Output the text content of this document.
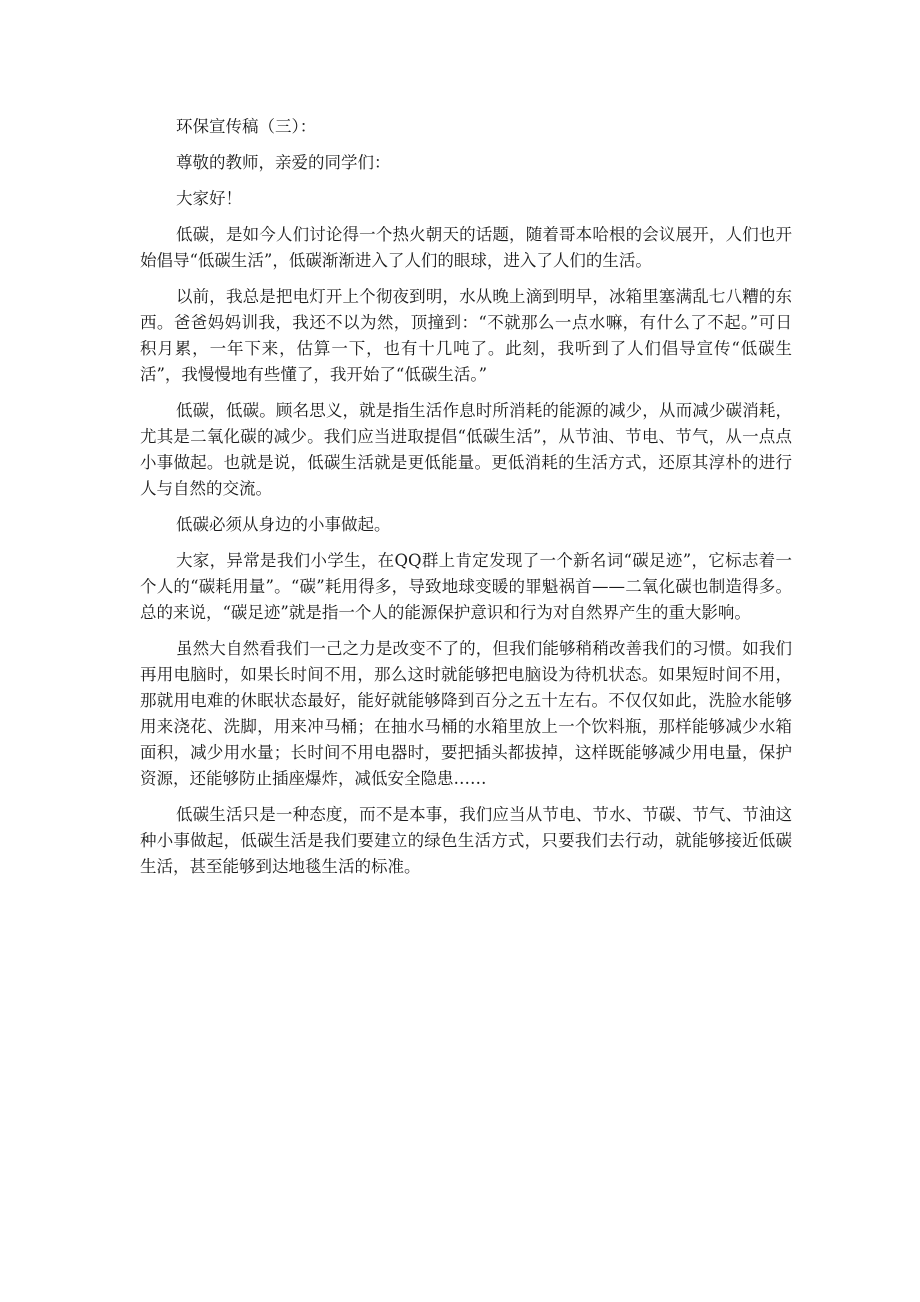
环保宣传稿（三）：

尊敬的教师，亲爱的同学们：

大家好！

低碳，是如今人们讨论得一个热火朝天的话题，随着哥本哈根的会议展开，人们也开始倡导“低碳生活”，低碳渐渐进入了人们的眼球，进入了人们的生活。

以前，我总是把电灯开上个彻夜到明，水从晚上滴到明早，冰箱里塞满乱七八糟的东西。爸爸妈妈训我，我还不以为然，顶撞到：“不就那么一点水嘛，有什么了不起。”可日积月累，一年下来，估算一下，也有十几吨了。此刻，我听到了人们倡导宣传“低碳生活”，我慢慢地有些懂了，我开始了“低碳生活。”

低碳，低碳。顾名思义，就是指生活作息时所消耗的能源的减少，从而减少碳消耗，尤其是二氧化碳的减少。我们应当进取提倡“低碳生活”，从节油、节电、节气，从一点点小事做起。也就是说，低碳生活就是更低能量。更低消耗的生活方式，还原其淳朴的进行人与自然的交流。

低碳必须从身边的小事做起。

大家，异常是我们小学生，在QQ群上肯定发现了一个新名词“碳足迹”，它标志着一个人的“碳耗用量”。“碳”耗用得多，导致地球变暖的罪魁祸首——二氧化碳也制造得多。总的来说，“碳足迹”就是指一个人的能源保护意识和行为对自然界产生的重大影响。

虽然大自然看我们一己之力是改变不了的，但我们能够稍稍改善我们的习惯。如我们再用电脑时，如果长时间不用，那么这时就能够把电脑设为待机状态。如果短时间不用，那就用电难的休眠状态最好，能好就能够降到百分之五十左右。不仅仅如此，洗脸水能够用来浇花、洗脚，用来冲马桶；在抽水马桶的水箱里放上一个饮料瓶，那样能够减少水箱面积，减少用水量；长时间不用电器时，要把插头都拔掉，这样既能够减少用电量，保护资源，还能够防止插座爆炸，减低安全隐患……

低碳生活只是一种态度，而不是本事，我们应当从节电、节水、节碳、节气、节油这种小事做起，低碳生活是我们要建立的绿色生活方式，只要我们去行动，就能够接近低碳生活，甚至能够到达地毯生活的标准。
